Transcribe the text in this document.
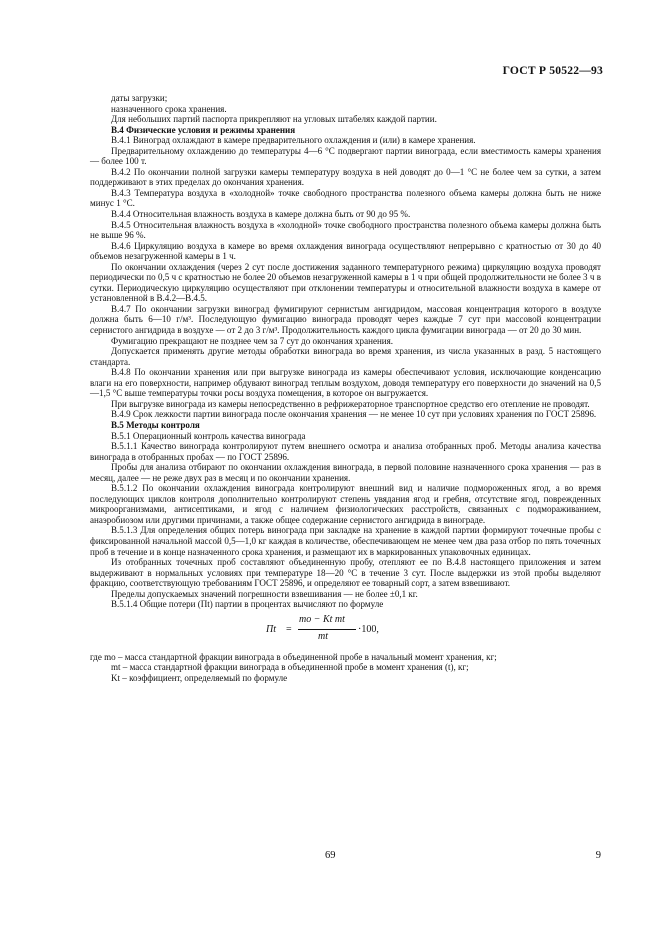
ГОСТ Р 50522—93

даты загрузки;

назначенного срока хранения.

Для небольших партий паспорта прикрепляют на угловых штабелях каждой партии.

В.4 Физические условия и режимы хранения

В.4.1 Виноград охлаждают в камере предварительного охлаждения и (или) в камере хранения.

Предварительному охлаждению до температуры 4—6 °С подвергают партии винограда, если вместимость камеры хранения — более 100 т.

В.4.2 По окончании полной загрузки камеры температуру воздуха в ней доводят до 0—1 °С не более чем за сутки, а затем поддерживают в этих пределах до окончания хранения.

В.4.3 Температура воздуха в «холодной» точке свободного пространства полезного объема камеры должна быть не ниже минус 1 °С.

В.4.4 Относительная влажность воздуха в камере должна быть от 90 до 95 %.

В.4.5 Относительная влажность воздуха в «холодной» точке свободного пространства полезного объема камеры должна быть не выше 96 %.

В.4.6 Циркуляцию воздуха в камере во время охлаждения винограда осуществляют непрерывно с кратностью от 30 до 40 объемов незагруженной камеры в 1 ч.

По окончании охлаждения (через 2 сут после достижения заданного температурного режима) циркуляцию воздуха проводят периодически по 0,5 ч с кратностью не более 20 объемов незагруженной камеры в 1 ч при общей продолжительности не более 3 ч в сутки. Периодическую циркуляцию осуществляют при отклонении температуры и относительной влажности воздуха в камере от установленной в В.4.2—В.4.5.

В.4.7 По окончании загрузки виноград фумигируют сернистым ангидридом, массовая концентрация которого в воздухе должна быть 6—10 г/м³. Последующую фумигацию винограда проводят через каждые 7 сут при массовой концентрации сернистого ангидрида в воздухе — от 2 до 3 г/м³. Продолжительность каждого цикла фумигации винограда — от 20 до 30 мин.

Фумигацию прекращают не позднее чем за 7 сут до окончания хранения.

Допускается применять другие методы обработки винограда во время хранения, из числа указанных в разд. 5 настоящего стандарта.

В.4.8 По окончании хранения или при выгрузке винограда из камеры обеспечивают условия, исключающие конденсацию влаги на его поверхности, например обдувают виноград теплым воздухом, доводя температуру его поверхности до значений на 0,5—1,5 °С выше температуры точки росы воздуха помещения, в которое он выгружается.

При выгрузке винограда из камеры непосредственно в рефрижераторное транспортное средство его отепление не проводят.

В.4.9 Срок лежкости партии винограда после окончания хранения — не менее 10 сут при условиях хранения по ГОСТ 25896.

В.5 Методы контроля

В.5.1 Операционный контроль качества винограда

В.5.1.1 Качество винограда контролируют путем внешнего осмотра и анализа отобранных проб. Методы анализа качества винограда в отобранных пробах — по ГОСТ 25896.

Пробы для анализа отбирают по окончании охлаждения винограда, в первой половине назначенного срока хранения — раз в месяц, далее — не реже двух раз в месяц и по окончании хранения.

В.5.1.2 По окончании охлаждения винограда контролируют внешний вид и наличие подмороженных ягод, а во время последующих циклов контроля дополнительно контролируют степень увядания ягод и гребня, отсутствие ягод, поврежденных микроорганизмами, антисептиками, и ягод с наличием физиологических расстройств, связанных с подмораживанием, анаэробиозом или другими причинами, а также общее содержание сернистого ангидрида в винограде.

В.5.1.3 Для определения общих потерь винограда при закладке на хранение в каждой партии формируют точечные пробы с фиксированной начальной массой 0,5—1,0 кг каждая в количестве, обеспечивающем не менее чем два раза отбор по пять точечных проб в течение и в конце назначенного срока хранения, и размещают их в маркированных упаковочных единицах.

Из отобранных точечных проб составляют объединенную пробу, отепляют ее по В.4.8 настоящего приложения и затем выдерживают в нормальных условиях при температуре 18—20 °С в течение 3 сут. После выдержки из этой пробы выделяют фракцию, соответствующую требованиям ГОСТ 25896, и определяют ее товарный сорт, а затем взвешивают.

Пределы допускаемых значений погрешности взвешивания — не более ±0,1 кг.

В.5.1.4 Общие потери (Пt) партии в процентах вычисляют по формуле

Пt =
mo − Kt mt
mt
·100,

где mo – масса стандартной фракции винограда в объединенной пробе в начальный момент хранения, кг;

mt – масса стандартной фракции винограда в объединенной пробе в момент хранения (t), кг;

Kt – коэффициент, определяемый по формуле

69	9
